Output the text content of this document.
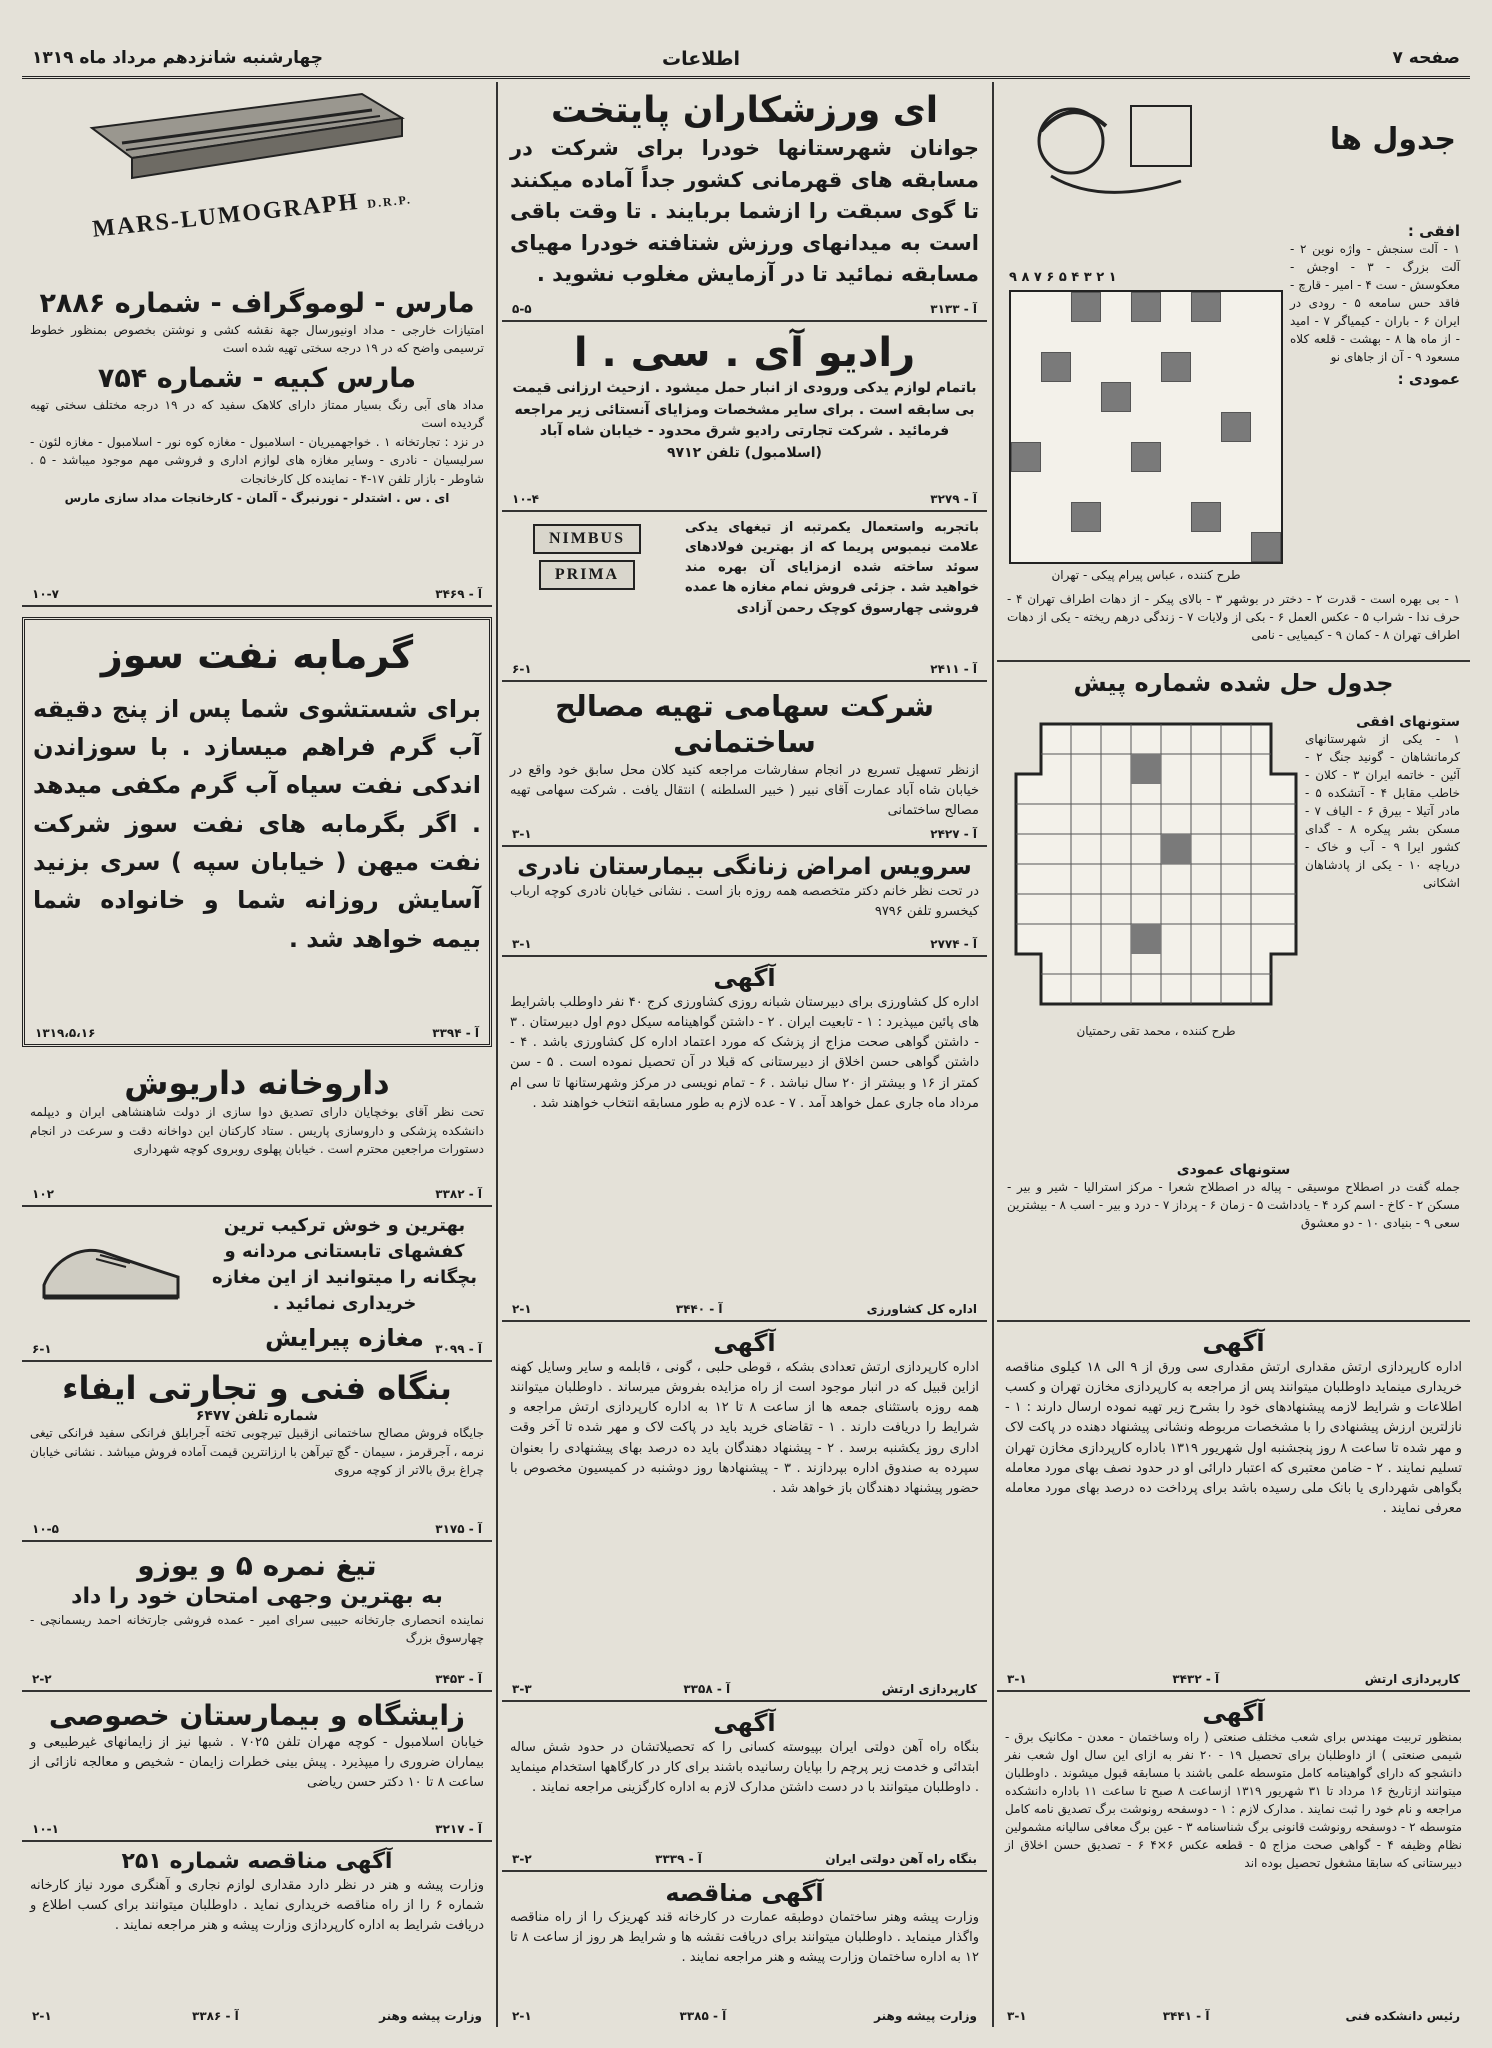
صفحه ۷
اطلاعات
چهارشنبه شانزدهم مرداد ماه ۱۳۱۹
MARS-LUMOGRAPH D.R.P.
مارس - لوموگراف - شماره ۲۸۸۶
امتیازات خارجی - مداد اونیورسال جهة نقشه کشی و نوشتن بخصوص بمنظور خطوط ترسیمی واضح که در ۱۹ درجه سختی تهیه شده است
مارس کبیه - شماره ۷۵۴
مداد های آبی رنگ بسیار ممتاز دارای کلاهک سفید که در ۱۹ درجه مختلف سختی تهیه گردیده است
در نزد : تجارتخانه ۱ . خواجهمیریان - اسلامبول - مغازه کوه نور - اسلامبول - مغازه لئون - سرلیسیان - نادری - وسایر مغازه های لوازم اداری و فروشی مهم موجود میباشد - ۵ . شاوطر - بازار تلفن ۱۷-۴ - نماینده کل کارخانجات
ای . س . اشتدلر - نورنبرگ - آلمان - کارخانجات مداد سازی مارس
آ - ۳۴۶۹
۱۰-۷
گرمابه نفت سوز
برای شستشوی شما پس از پنج دقیقه آب گرم فراهم میسازد . با سوزاندن اندکی نفت سیاه آب گرم مکفی میدهد . اگر بگرمابه های نفت سوز شرکت نفت میهن ( خیابان سپه ) سری بزنید آسایش روزانه شما و خانواده شما بیمه خواهد شد .
آ - ۳۳۹۴
۱۳۱۹،۵،۱۶
داروخانه داریوش
تحت نظر آقای بوخچایان دارای تصدیق دوا سازی از دولت شاهنشاهی ایران و دیپلمه دانشکده پزشکی و داروسازی پاریس . ستاد کارکنان این دواخانه دقت و سرعت در انجام دستورات مراجعین محترم است . خیابان پهلوی روبروی کوچه شهرداری
آ - ۳۳۸۲
۱۰۲
بهترین و خوش ترکیب ترین کفشهای تابستانی مردانه و بچگانه را میتوانید از این مغازه خریداری نمائید .
مغازه پیرایش آ - ۳۰۹۹
۶-۱
بنگاه فنی و تجارتی ایفاء
شماره تلفن ۶۴۷۷
جایگاه فروش مصالح ساختمانی ازقبیل تیرچوبی تخته آجرابلق فرانکی سفید فرانکی تیغی نرمه ، آجرقرمز ، سیمان - گچ تیرآهن با ارزانترین قیمت آماده فروش میباشد . نشانی خیابان چراغ برق بالاتر از کوچه مروی
آ - ۳۱۷۵
۱۰-۵
تیغ نمره ۵ و یوزو
به بهترین وجهی امتحان خود را داد
نماینده انحصاری جارتخانه حبیبی سرای امیر - عمده فروشی جارتخانه احمد ریسمانچی - چهارسوق بزرگ
آ - ۳۴۵۳
۲-۲
زایشگاه و بیمارستان خصوصی
خیابان اسلامبول - کوچه مهران تلفن ۷۰۲۵ . شبها نیز از زایمانهای غیرطبیعی و بیماران ضروری را میپذیرد . پیش بینی خطرات زایمان - شخیص و معالجه نازائی از ساعت ۸ تا ۱۰ دکتر حسن ریاضی
آ - ۳۲۱۷
۱۰-۱
آگهی مناقصه شماره ۲۵۱
وزارت پیشه و هنر در نظر دارد مقداری لوازم نجاری و آهنگری مورد نیاز کارخانه شماره ۶ را از راه مناقصه خریداری نماید . داوطلبان میتوانند برای کسب اطلاع و دریافت شرایط به اداره کارپردازی وزارت پیشه و هنر مراجعه نمایند .
وزارت پیشه وهنر
آ - ۳۳۸۶
۲-۱
ای ورزشکاران پایتخت
جوانان شهرستانها خودرا برای شرکت در مسابقه های قهرمانی کشور جداً آماده میکنند تا گوی سبقت را ازشما بربایند . تا وقت باقی است به میدانهای ورزش شتافته خودرا مهیای مسابقه نمائید تا در آزمایش مغلوب نشوید .
آ - ۳۱۳۳
۵-۵
رادیو آی . سی . ا
باتمام لوازم یدکی ورودی از انبار حمل میشود . ازحیث ارزانی قیمت بی سابقه است . برای سایر مشخصات ومزایای آنستائی زیر مراجعه فرمائید . شرکت تجارتی رادیو شرق محدود - خیابان شاه آباد (اسلامبول) تلفن ۹۷۱۲
آ - ۳۲۷۹
۱۰-۴
NIMBUS PRIMA
باتجربه واستعمال یکمرتبه از تیغهای یدکی علامت نیمبوس پریما که از بهترین فولادهای سوئد ساخته شده ازمزایای آن بهره مند خواهید شد . جزئی فروش نمام مغازه ها عمده فروشی چهارسوق کوچک رحمن آزادی
آ - ۲۴۱۱
۶-۱
شرکت سهامی تهیه مصالح ساختمانی
ازنظر تسهیل تسریع در انجام سفارشات مراجعه کنید کلان محل سابق خود واقع در خیابان شاه آباد عمارت آقای نبیر ( خبیر السلطنه ) انتقال یافت . شرکت سهامی تهیه مصالح ساختمانی
آ - ۲۴۲۷
۳-۱
سرویس امراض زنانگی بیمارستان نادری
در تحت نظر خانم دکتر متخصصه همه روزه باز است . نشانی خیابان نادری کوچه ارباب کیخسرو تلفن ۹۷۹۶
آ - ۲۷۷۴
۳-۱
آگهی
اداره کل کشاورزی برای دبیرستان شبانه روزی کشاورزی کرج ۴۰ نفر داوطلب باشرایط های پائین میپذیرد : ۱ - تابعیت ایران . ۲ - داشتن گواهینامه سیکل دوم اول دبیرستان . ۳ - داشتن گواهی صحت مزاج از پزشک که مورد اعتماد اداره کل کشاورزی باشد . ۴ - داشتن گواهی حسن اخلاق از دبیرستانی که قبلا در آن تحصیل نموده است . ۵ - سن کمتر از ۱۶ و بیشتر از ۲۰ سال نباشد . ۶ - تمام نویسی در مرکز وشهرستانها تا سی ام مرداد ماه جاری عمل خواهد آمد . ۷ - عده لازم به طور مسابقه انتخاب خواهند شد .
اداره کل کشاورزی
آ - ۳۴۴۰
۲-۱
آگهی
اداره کارپردازی ارتش تعدادی بشکه ، قوطی حلبی ، گونی ، قابلمه و سایر وسایل کهنه ازاین قبیل که در انبار موجود است از راه مزایده بفروش میرساند . داوطلبان میتوانند همه روزه باستثنای جمعه ها از ساعت ۸ تا ۱۲ به اداره کارپردازی ارتش مراجعه و شرایط را دریافت دارند . ۱ - تقاضای خرید باید در پاکت لاک و مهر شده تا آخر وقت اداری روز یکشنبه برسد . ۲ - پیشنهاد دهندگان باید ده درصد بهای پیشنهادی را بعنوان سپرده به صندوق اداره بپردازند . ۳ - پیشنهادها روز دوشنبه در کمیسیون مخصوص با حضور پیشنهاد دهندگان باز خواهد شد .
کارپردازی ارتش
آ - ۳۳۵۸
۳-۳
آگهی
بنگاه راه آهن دولتی ایران بپیوسته کسانی را که تحصیلاتشان در حدود شش ساله ابتدائی و خدمت زیر پرچم را بپایان رسانیده باشند برای کار در کارگاهها استخدام مینماید . داوطلبان میتوانند با در دست داشتن مدارک لازم به اداره کارگزینی مراجعه نمایند .
بنگاه راه آهن دولتی ایران
آ - ۳۳۳۹
۳-۲
آگهی مناقصه
وزارت پیشه وهنر ساختمان دوطبقه عمارت در کارخانه قند کهریزک را از راه مناقصه واگذار مینماید . داوطلبان میتوانند برای دریافت نقشه ها و شرایط هر روز از ساعت ۸ تا ۱۲ به اداره ساختمان وزارت پیشه و هنر مراجعه نمایند .
وزارت پیشه وهنر
آ - ۳۳۸۵
۲-۱
جدول ها
۹ ۸ ۷ ۶ ۵ ۴ ۳ ۲ ۱
افقی :
۱ - آلت سنجش - واژه نوین ۲ - آلت بزرگ - ۳ - اوجش - معکوسش - ست ۴ - امیر - قارچ - فاقد حس سامعه ۵ - رودی در ایران ۶ - باران - کیمیاگر ۷ - امید - از ماه ها ۸ - بهشت - قلعه کلاه مسعود ۹ - آن از جاهای نو
عمودی :
طرح کننده ، عباس پیرام پیکی - تهران
۱ - بی بهره است - قدرت ۲ - دختر در بوشهر ۳ - بالای پیکر - از دهات اطراف تهران ۴ - حرف ندا - شراب ۵ - عکس العمل ۶ - بکی از ولایات ۷ - زندگی درهم ریخته - یکی از دهات اطراف تهران ۸ - کمان ۹ - کیمیایی - نامی
جدول حل شده شماره پیش
ستونهای افقی
۱ - یکی از شهرستانهای کرمانشاهان - گونید جنگ ۲ - آئین - خاتمه ایران ۳ - کلان - خاطب مقابل ۴ - آتشکده ۵ - مادر آتیلا - بیرق ۶ - الیاف ۷ - مسکن بشر پیکره ۸ - گدای کشور ایرا ۹ - آب و خاک - دریاچه ۱۰ - یکی از پادشاهان اشکانی
طرح کننده ، محمد تقی رحمتیان
ستونهای عمودی
جمله گفت در اصطلاح موسیقی - پیاله در اصطلاح شعرا - مرکز استرالیا - شیر و بیر - مسکن ۲ - کاخ - اسم کرد ۴ - یادداشت ۵ - زمان ۶ - پرداز ۷ - درد و بیر - اسب ۸ - بیشترین سعی ۹ - بنیادی ۱۰ - دو معشوق
آگهی
اداره کارپردازی ارتش مقداری ارتش مقداری سی ورق از ۹ الی ۱۸ کیلوی مناقصه خریداری مینماید داوطلبان میتوانند پس از مراجعه به کارپردازی مخازن تهران و کسب اطلاعات و شرایط لازمه پیشنهادهای خود را بشرح زیر تهیه نموده ارسال دارند : ۱ - نازلترین ارزش پیشنهادی را با مشخصات مربوطه ونشانی پیشنهاد دهنده در پاکت لاک و مهر شده تا ساعت ۸ روز پنجشنبه اول شهریور ۱۳۱۹ باداره کارپردازی مخازن تهران تسلیم نمایند . ۲ - ضامن معتبری که اعتبار دارائی او در حدود نصف بهای مورد معامله بگواهی شهرداری یا بانک ملی رسیده باشد برای پرداخت ده درصد بهای مورد معامله معرفی نمایند .
کارپردازی ارتش
آ - ۳۴۳۲
۳-۱
آگهی
بمنظور تربیت مهندس برای شعب مختلف صنعتی ( راه وساختمان - معدن - مکانیک برق - شیمی صنعتی ) از داوطلبان برای تحصیل ۱۹ - ۲۰ نفر به ازای این سال اول شعب نفر دانشجو که دارای گواهینامه کامل متوسطه علمی باشند با مسابقه قبول میشوند . داوطلبان میتوانند ازتاریخ ۱۶ مرداد تا ۳۱ شهریور ۱۳۱۹ ازساعت ۸ صبح تا ساعت ۱۱ باداره دانشکده مراجعه و نام خود را ثبت نمایند . مدارک لازم : ۱ - دوسفحه رونوشت برگ تصدیق نامه کامل متوسطه ۲ - دوسفحه رونوشت قانونی برگ شناسنامه ۳ - عین برگ معافی سالیانه مشمولین نظام وظیفه ۴ - گواهی صحت مزاج ۵ - قطعه عکس ۶×۴ ۶ - تصدیق حسن اخلاق از دبیرستانی که سابقا مشغول تحصیل بوده اند
رئیس دانشکده فنی
آ - ۳۴۴۱
۳-۱
